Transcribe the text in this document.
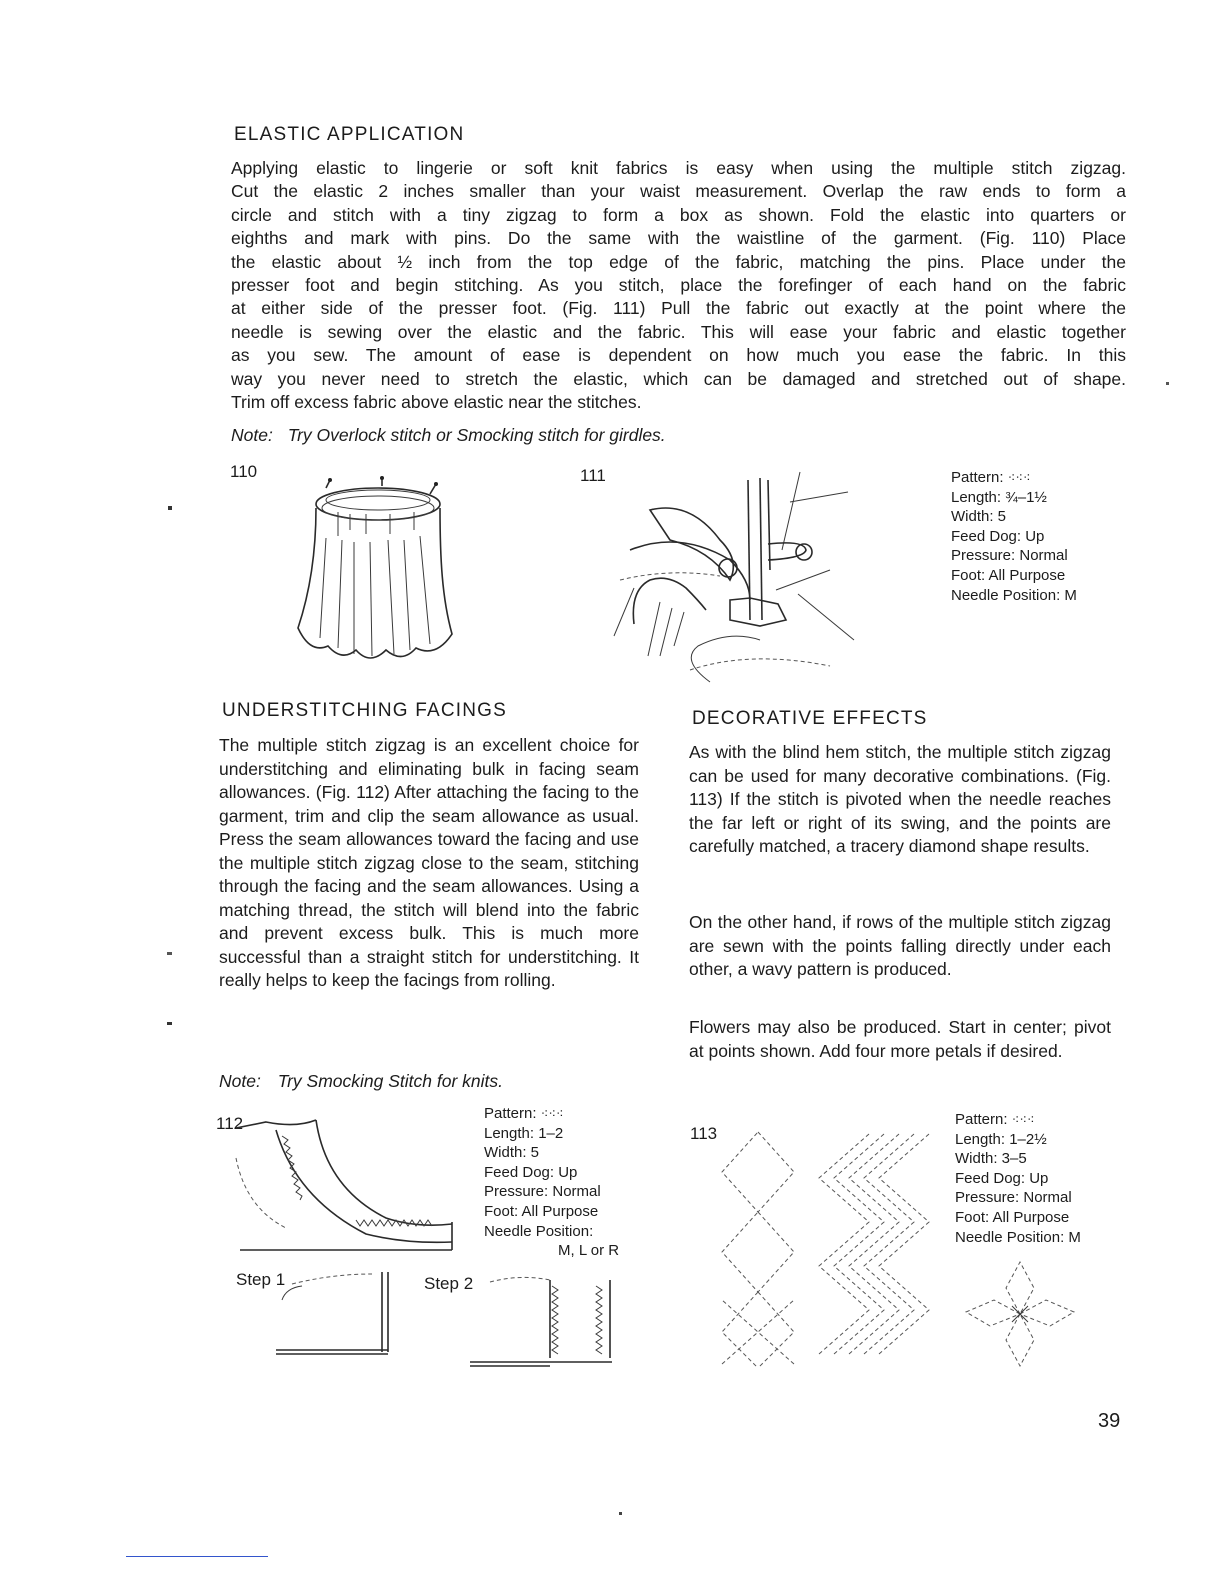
ELASTIC APPLICATION
Applying elastic to lingerie or soft knit fabrics is easy when using the multiple stitch zigzag.
Cut the elastic 2 inches smaller than your waist measurement. Overlap the raw ends to form a
circle and stitch with a tiny zigzag to form a box as shown. Fold the elastic into quarters or
eighths and mark with pins. Do the same with the waistline of the garment. (Fig. 110) Place
the elastic about ½ inch from the top edge of the fabric, matching the pins. Place under the
presser foot and begin stitching. As you stitch, place the forefinger of each hand on the fabric
at either side of the presser foot. (Fig. 111) Pull the fabric out exactly at the point where the
needle is sewing over the elastic and the fabric. This will ease your fabric and elastic together
as you sew. The amount of ease is dependent on how much you ease the fabric. In this
way you never need to stretch the elastic, which can be damaged and stretched out of shape.
Trim off excess fabric above elastic near the stitches.
Note: Try Overlock stitch or Smocking stitch for girdles.
110	111	Pattern: ⁖⁖⁖
Length: ¾–1½
Width: 5
Feed Dog: Up
Pressure: Normal
Foot: All Purpose
Needle Position: M
UNDERSTITCHING FACINGS
The multiple stitch zigzag is an excellent choice for understitching and eliminating bulk in facing seam allowances. (Fig. 112) After attaching the facing to the garment, trim and clip the seam allowance as usual. Press the seam allowances toward the facing and use the multiple stitch zigzag close to the seam, stitching through the facing and the seam allowances. Using a matching thread, the stitch will blend into the fabric and prevent excess bulk. This is much more successful than a straight stitch for understitching. It really helps to keep the facings from rolling.
Note: Try Smocking Stitch for knits.
112
Step 1	Step 2
Pattern: ⁖⁖⁖
Length: 1–2
Width: 5
Feed Dog: Up
Pressure: Normal
Foot: All Purpose
Needle Position:
M, L or R
DECORATIVE EFFECTS
As with the blind hem stitch, the multiple stitch zigzag can be used for many decorative combinations. (Fig. 113) If the stitch is pivoted when the needle reaches the far left or right of its swing, and the points are carefully matched, a tracery diamond shape results.
On the other hand, if rows of the multiple stitch zigzag are sewn with the points falling directly under each other, a wavy pattern is produced.
Flowers may also be produced. Start in center; pivot at points shown. Add four more petals if desired.
113
Pattern: ⁖⁖⁖
Length: 1–2½
Width: 3–5
Feed Dog: Up
Pressure: Normal
Foot: All Purpose
Needle Position: M
39
